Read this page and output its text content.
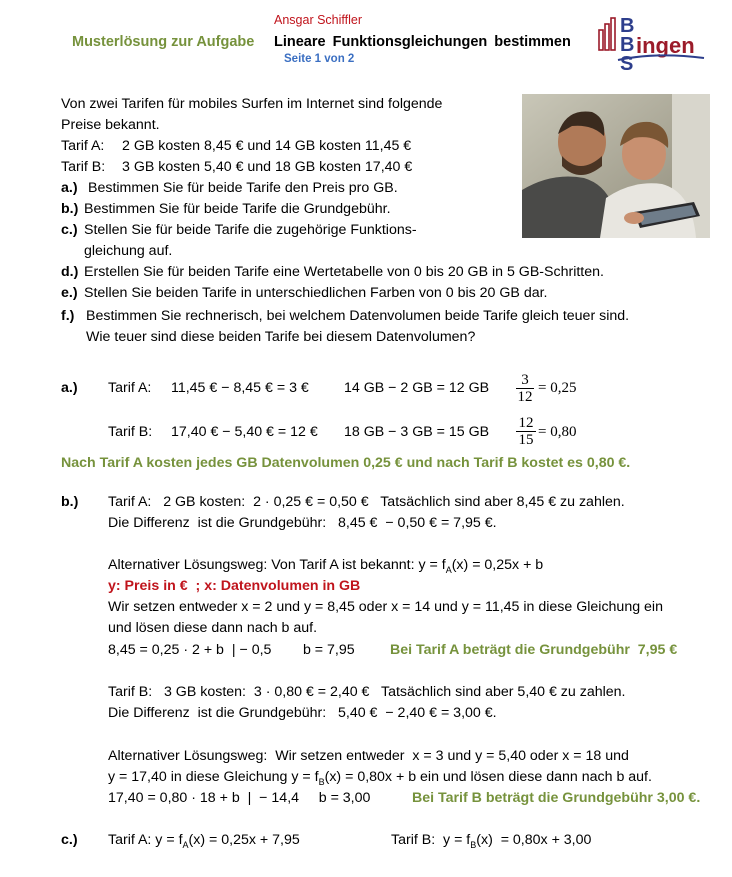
Ansgar Schiffler
Musterlösung zur Aufgabe Lineare Funktionsgleichungen bestimmen
Seite 1 von 2
B
B
S
ingen
Von zwei Tarifen für mobiles Surfen im Internet sind folgende
Preise bekannt.
Tarif A: 2 GB kosten 8,45 € und 14 GB kosten 11,45 €
Tarif B: 3 GB kosten 5,40 € und 18 GB kosten 17,40 €
a.) Bestimmen Sie für beide Tarife den Preis pro GB.
b.) Bestimmen Sie für beide Tarife die Grundgebühr.
c.) Stellen Sie für beide Tarife die zugehörige Funktions-
gleichung auf.
d.) Erstellen Sie für beiden Tarife eine Wertetabelle von 0 bis 20 GB in 5 GB-Schritten.
e.) Stellen Sie beiden Tarife in unterschiedlichen Farben von 0 bis 20 GB dar.
f.) Bestimmen Sie rechnerisch, bei welchem Datenvolumen beide Tarife gleich teuer sind.
Wie teuer sind diese beiden Tarife bei diesem Datenvolumen?
a.) Tarif A: 11,45 € − 8,45 € = 3 € 14 GB − 2 GB = 12 GB $\frac{3}{12} = 0,25$
Tarif B: 17,40 € − 5,40 € = 12 € 18 GB − 3 GB = 15 GB $\frac{12}{15} = 0,80$
Nach Tarif A kosten jedes GB Datenvolumen 0,25 € und nach Tarif B kostet es 0,80 €.
b.) Tarif A:   2 GB kosten:  2 · 0,25 € = 0,50 €   Tatsächlich sind aber 8,45 € zu zahlen.
Die Differenz  ist die Grundgebühr:   8,45 €  − 0,50 € = 7,95 €.
Alternativer Lösungsweg: Von Tarif A ist bekannt: $y = f_A(x) = 0,25x + b$
y: Preis in €  ; x: Datenvolumen in GB
Wir setzen entweder x = 2 und y = 8,45 oder x = 14 und y = 11,45 in diese Gleichung ein
und lösen diese dann nach b auf.
8,45 = 0,25 · 2 + b  | − 0,5        b = 7,95 Bei Tarif A beträgt die Grundgebühr  7,95 €
Tarif B:   3 GB kosten:  3 · 0,80 € = 2,40 €   Tatsächlich sind aber 5,40 € zu zahlen.
Die Differenz  ist die Grundgebühr:   5,40 €  − 2,40 € = 3,00 €.
Alternativer Lösungsweg:  Wir setzen entweder  x = 3 und y = 5,40 oder x = 18 und
y = 17,40 in diese Gleichung $y = f_B(x) = 0,80x + b$ ein und lösen diese dann nach b auf.
17,40 = 0,80 · 18 + b  |  − 14,4     b = 3,00	Bei Tarif B beträgt die Grundgebühr 3,00 €.
c.) Tarif A: $y = f_A(x) = 0,25x + 7,95$	Tarif B:  $y = f_B(x) = 0,80x + 3,00$
